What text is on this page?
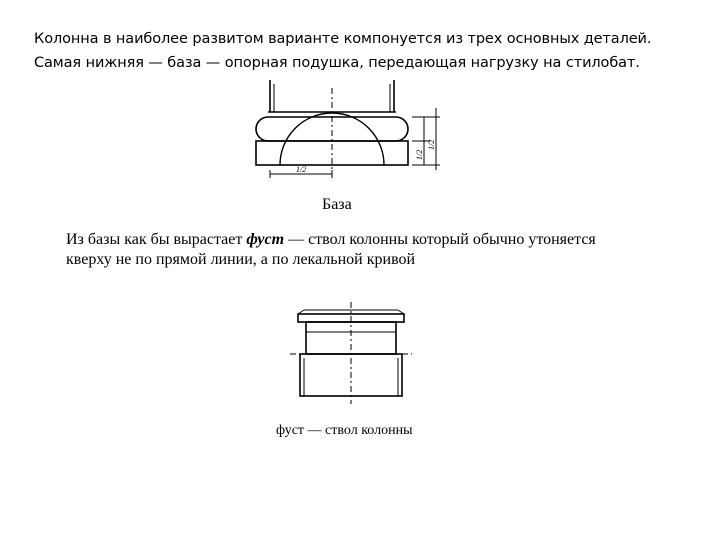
Колонна в наиболее развитом варианте компонуется из трех основных деталей.

Самая нижняя — база — опорная подушка, передающая нагрузку на стилобат.

1/2
1/2
1/2
База

Из базы как бы вырастает фуст — ствол колонны который обычно утоняется

кверху не по прямой линии, а по лекальной кривой

фуст — ствол колонны
